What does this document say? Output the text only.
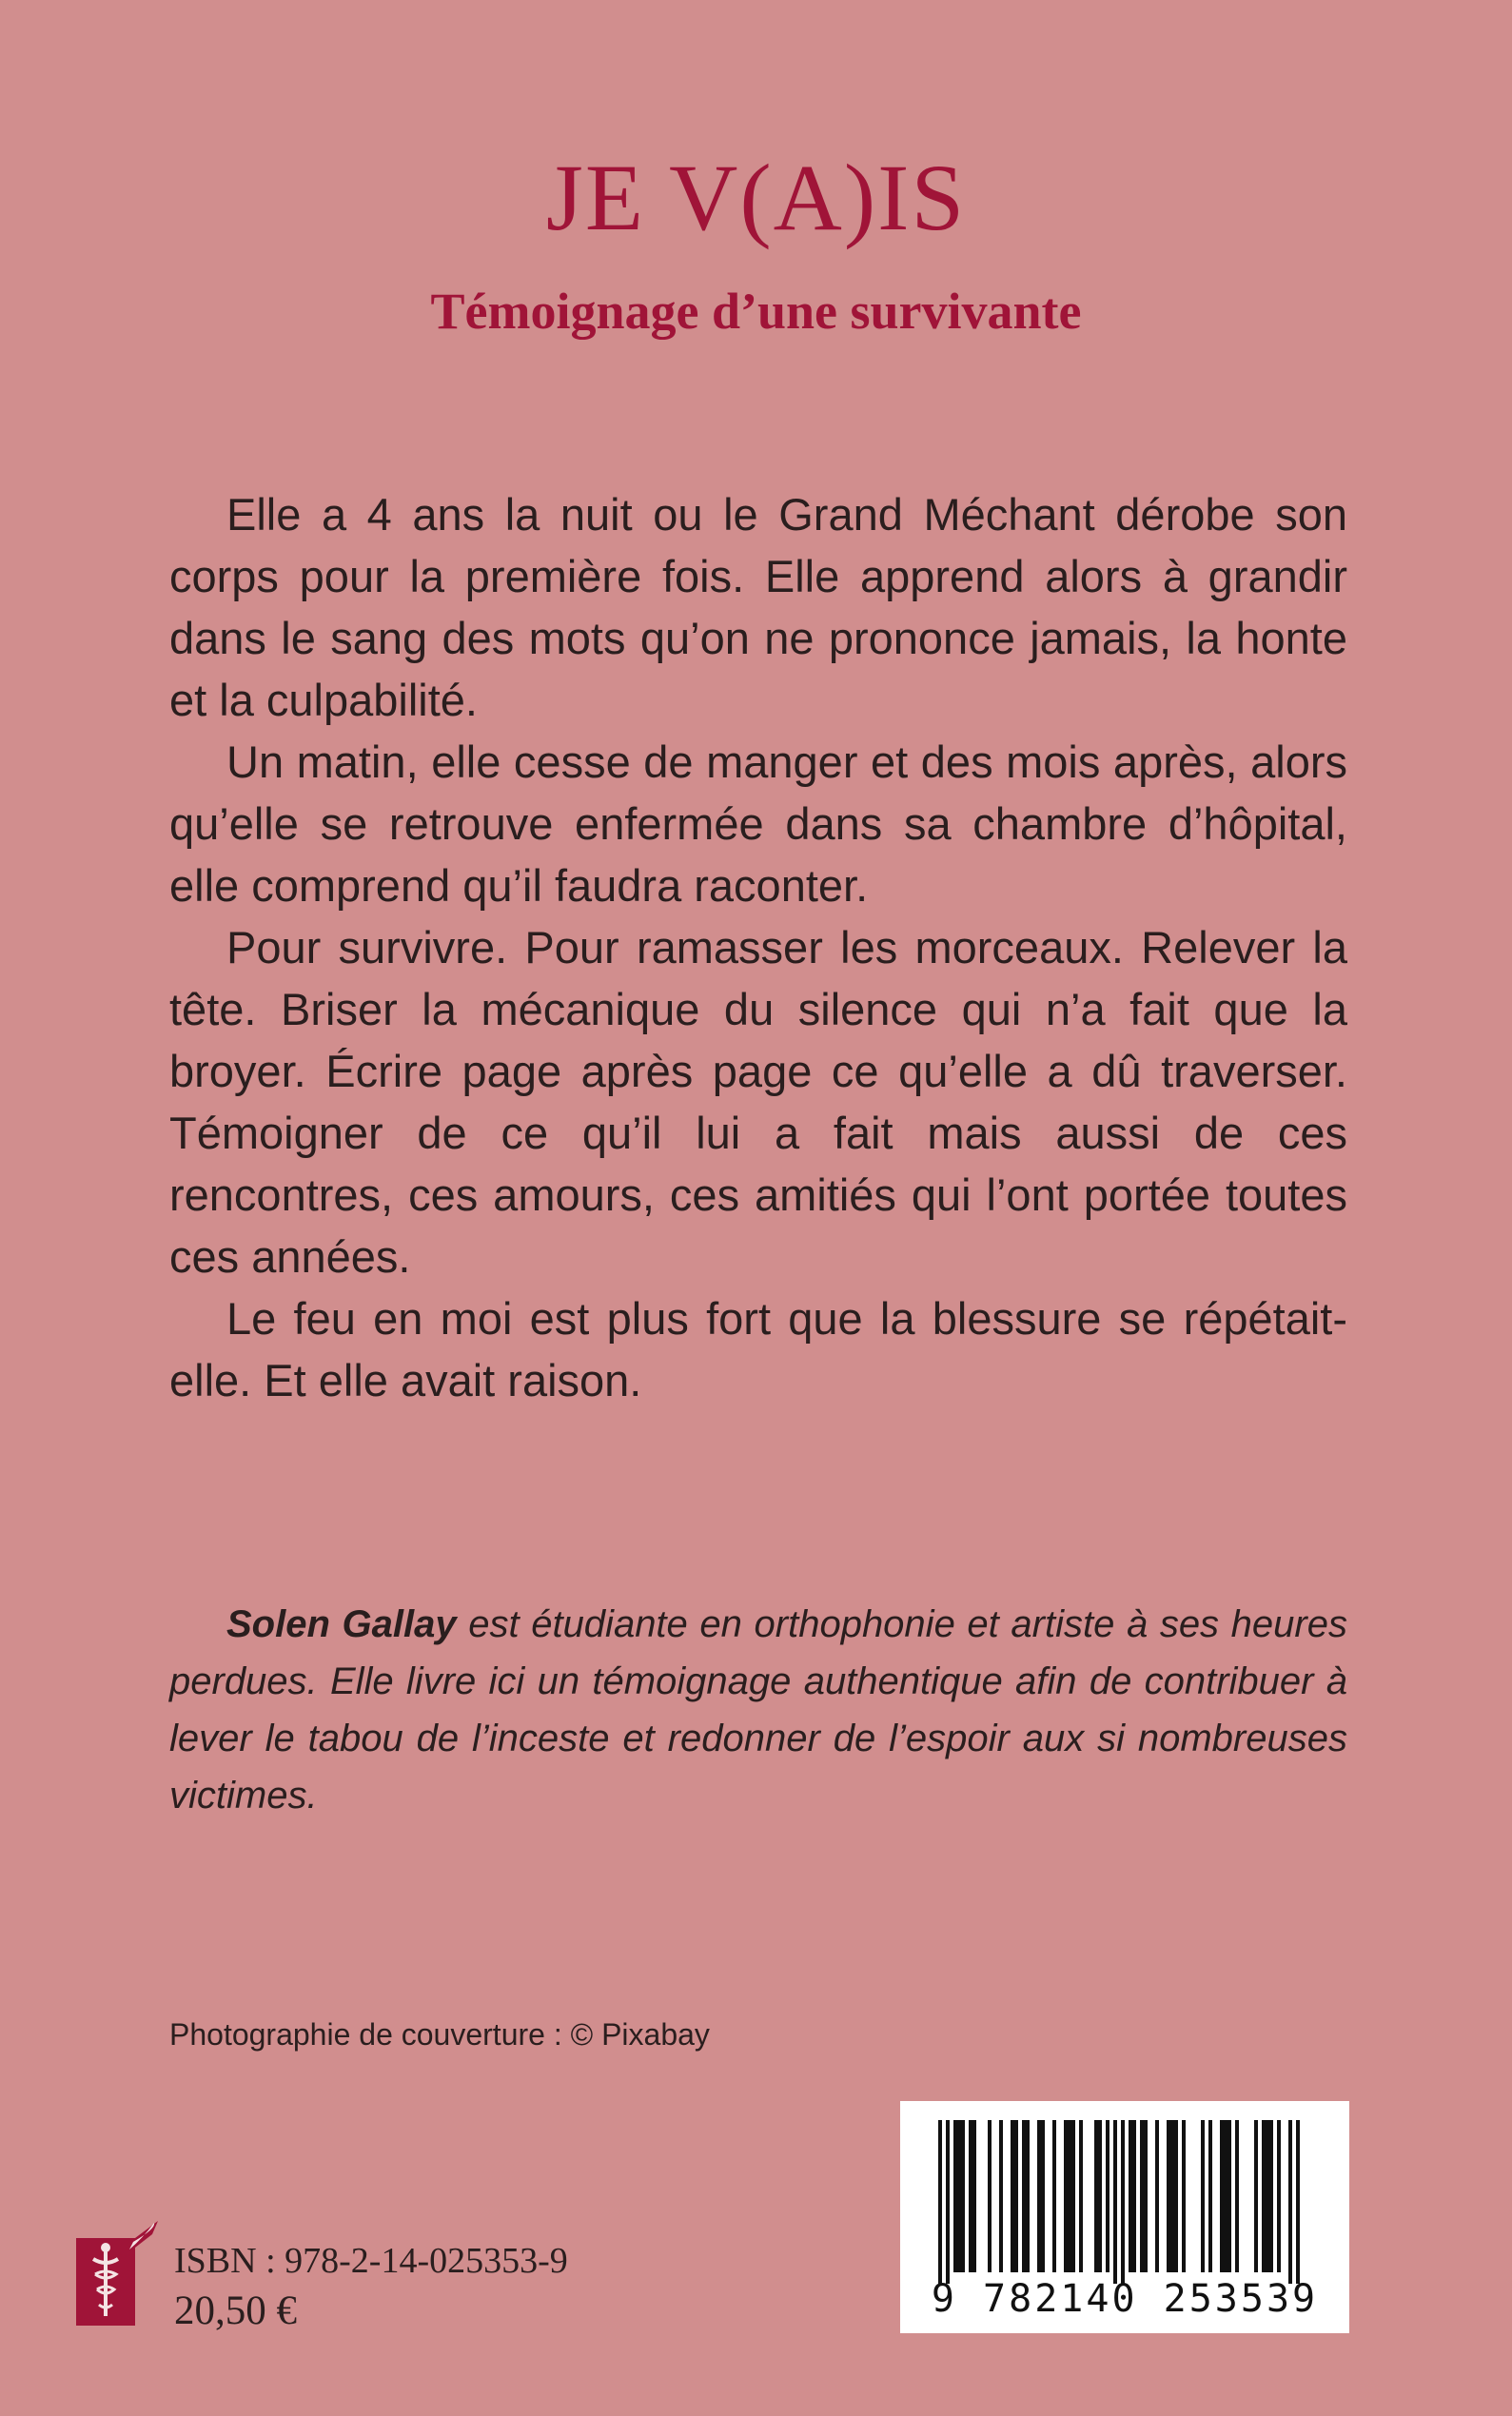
JE V(A)IS
Témoignage d’une survivante

Elle a 4 ans la nuit ou le Grand Méchant dérobe son corps pour la première fois. Elle apprend alors à grandir dans le sang des mots qu’on ne prononce jamais, la honte et la culpabilité.

Un matin, elle cesse de manger et des mois après, alors qu’elle se retrouve enfermée dans sa chambre d’hôpital, elle comprend qu’il faudra raconter.

Pour survivre. Pour ramasser les morceaux. Relever la tête. Briser la mécanique du silence qui n’a fait que la broyer. Écrire page après page ce qu’elle a dû traverser. Témoigner de ce qu’il lui a fait mais aussi de ces rencontres, ces amours, ces amitiés qui l’ont portée toutes ces années.

Le feu en moi est plus fort que la blessure se répétait-elle. Et elle avait raison.

Solen Gallay est étudiante en orthophonie et artiste à ses heures perdues. Elle livre ici un témoignage authentique afin de contribuer à lever le tabou de l’inceste et redonner de l’espoir aux si nombreuses victimes.

Photographie de couverture : © Pixabay

ISBN : 978-2-14-025353-9

20,50 €	9 782140 253539
